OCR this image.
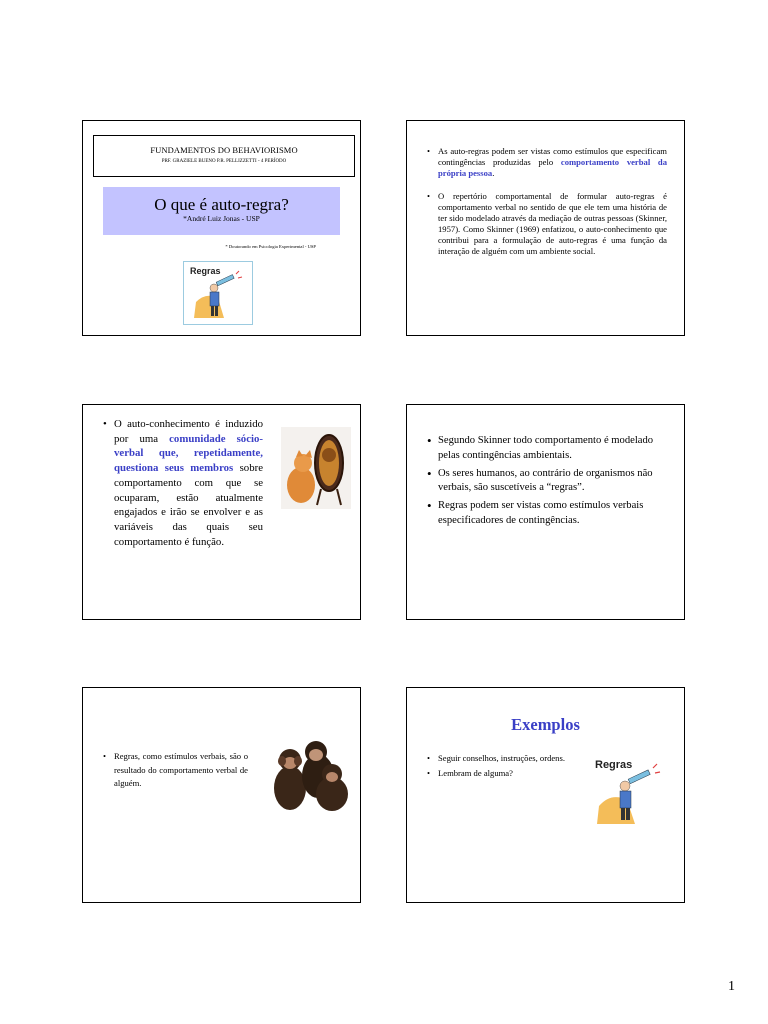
FUNDAMENTOS DO BEHAVIORISMO
PRF. GRAZIELE BUENO P.R. PELLIZZETTI - 4 PERÍODO
O que é auto-regra?
*André Luiz Jonas - USP
* Doutorando em Psicologia Experimental - USP
Regras
• As auto-regras podem ser vistas como estímulos que especificam contingências produzidas pelo comportamento verbal da própria pessoa.
• O repertório comportamental de formular auto-regras é comportamento verbal no sentido de que ele tem uma história de ter sido modelado através da mediação de outras pessoas (Skinner, 1957). Como Skinner (1969) enfatizou, o auto-conhecimento que contribui para a formulação de auto-regras é uma função da interação de alguém com um ambiente social.
• O auto-conhecimento é induzido por uma comunidade sócio-verbal que, repetidamente, questiona seus membros sobre comportamento com que se ocuparam, estão atualmente engajados e irão se envolver e as variáveis das quais seu comportamento é função.
• Segundo Skinner todo comportamento é modelado pelas contingências ambientais.
• Os seres humanos, ao contrário de organismos não verbais, são suscetíveis a “regras”.
• Regras podem ser vistas como estímulos verbais especificadores de contingências.
• Regras, como estímulos verbais, são o resultado do comportamento verbal de alguém.
Exemplos
• Seguir conselhos, instruções, ordens.
• Lembram de alguma?
Regras
1
